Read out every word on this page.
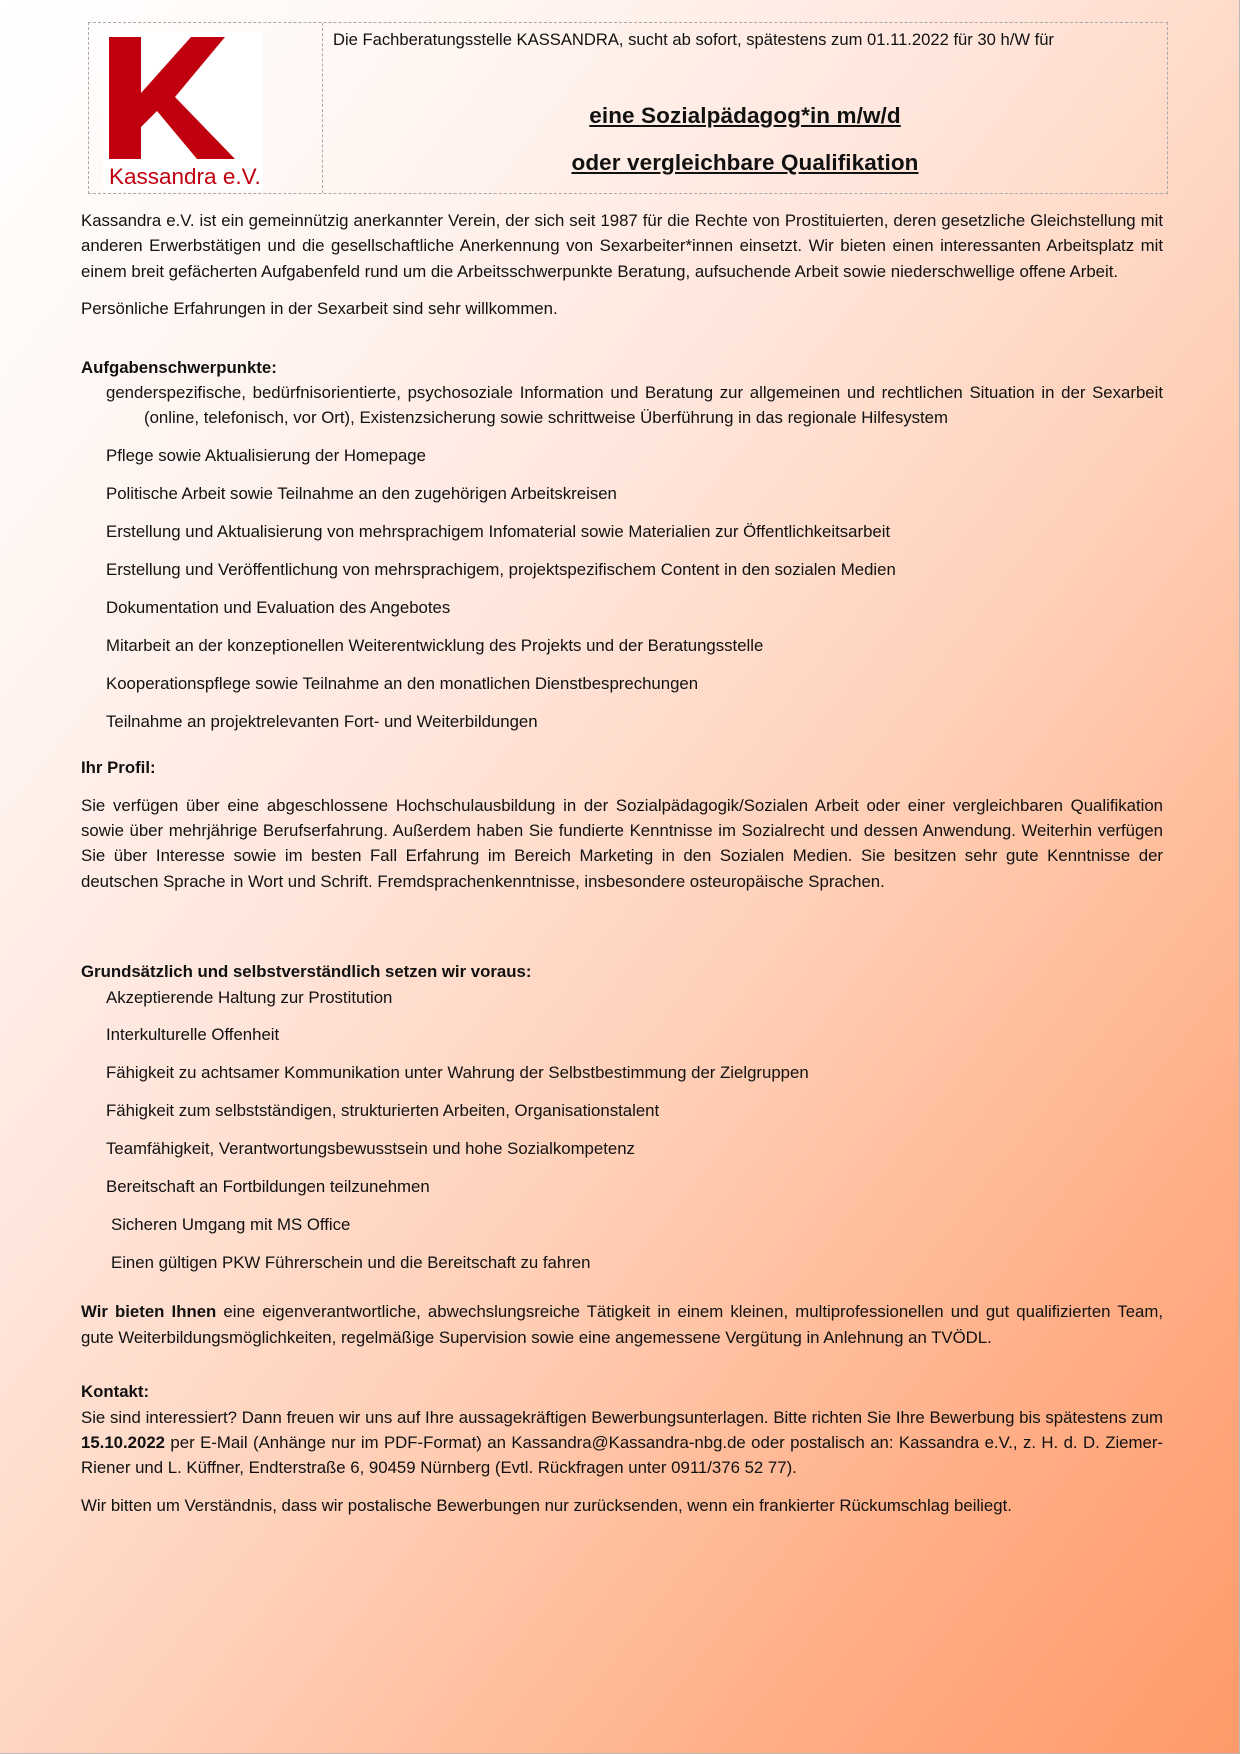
Kassandra e.V.
Die Fachberatungsstelle KASSANDRA, sucht ab sofort, spätestens zum 01.11.2022 für 30 h/W für
eine Sozialpädagog*in m/w/d
oder vergleichbare Qualifikation

Kassandra e.V. ist ein gemeinnützig anerkannter Verein, der sich seit 1987 für die Rechte von Prostituierten, deren gesetzliche Gleichstellung mit anderen Erwerbstätigen und die gesellschaftliche Anerkennung von Sexarbeiter*innen einsetzt. Wir bieten einen interessanten Arbeitsplatz mit einem breit gefächerten Aufgabenfeld rund um die Arbeitsschwerpunkte Beratung, aufsuchende Arbeit sowie niederschwellige offene Arbeit.

Persönliche Erfahrungen in der Sexarbeit sind sehr willkommen.

Aufgabenschwerpunkte:

genderspezifische, bedürfnisorientierte, psychosoziale Information und Beratung zur allgemeinen und rechtlichen Situation in der Sexarbeit (online, telefonisch, vor Ort), Existenzsicherung sowie schrittweise Überführung in das regionale Hilfesystem
Pflege sowie Aktualisierung der Homepage
Politische Arbeit sowie Teilnahme an den zugehörigen Arbeitskreisen
Erstellung und Aktualisierung von mehrsprachigem Infomaterial sowie Materialien zur Öffentlichkeitsarbeit
Erstellung und Veröffentlichung von mehrsprachigem, projektspezifischem Content in den sozialen Medien
Dokumentation und Evaluation des Angebotes
Mitarbeit an der konzeptionellen Weiterentwicklung des Projekts und der Beratungsstelle
Kooperationspflege sowie Teilnahme an den monatlichen Dienstbesprechungen
Teilnahme an projektrelevanten Fort- und Weiterbildungen

Ihr Profil:

Sie verfügen über eine abgeschlossene Hochschulausbildung in der Sozialpädagogik/Sozialen Arbeit oder einer vergleichbaren Qualifikation sowie über mehrjährige Berufserfahrung. Außerdem haben Sie fundierte Kenntnisse im Sozialrecht und dessen Anwendung. Weiterhin verfügen Sie über Interesse sowie im besten Fall Erfahrung im Bereich Marketing in den Sozialen Medien. Sie besitzen sehr gute Kenntnisse der deutschen Sprache in Wort und Schrift. Fremdsprachenkenntnisse, insbesondere osteuropäische Sprachen.

Grundsätzlich und selbstverständlich setzen wir voraus:

Akzeptierende Haltung zur Prostitution
Interkulturelle Offenheit
Fähigkeit zu achtsamer Kommunikation unter Wahrung der Selbstbestimmung der Zielgruppen
Fähigkeit zum selbstständigen, strukturierten Arbeiten, Organisationstalent
Teamfähigkeit, Verantwortungsbewusstsein und hohe Sozialkompetenz
Bereitschaft an Fortbildungen teilzunehmen
Sicheren Umgang mit MS Office
Einen gültigen PKW Führerschein und die Bereitschaft zu fahren

Wir bieten Ihnen eine eigenverantwortliche, abwechslungsreiche Tätigkeit in einem kleinen, multiprofessionellen und gut qualifizierten Team, gute Weiterbildungsmöglichkeiten, regelmäßige Supervision sowie eine angemessene Vergütung in Anlehnung an TVÖDL.

Kontakt:

Sie sind interessiert? Dann freuen wir uns auf Ihre aussagekräftigen Bewerbungsunterlagen. Bitte richten Sie Ihre Bewerbung bis spätestens zum 15.10.2022 per E-Mail (Anhänge nur im PDF-Format) an Kassandra@Kassandra-nbg.de oder postalisch an: Kassandra e.V., z. H. d. D. Ziemer-Riener und L. Küffner, Endterstraße 6, 90459 Nürnberg (Evtl. Rückfragen unter 0911/376 52 77).

Wir bitten um Verständnis, dass wir postalische Bewerbungen nur zurücksenden, wenn ein frankierter Rückumschlag beiliegt.
